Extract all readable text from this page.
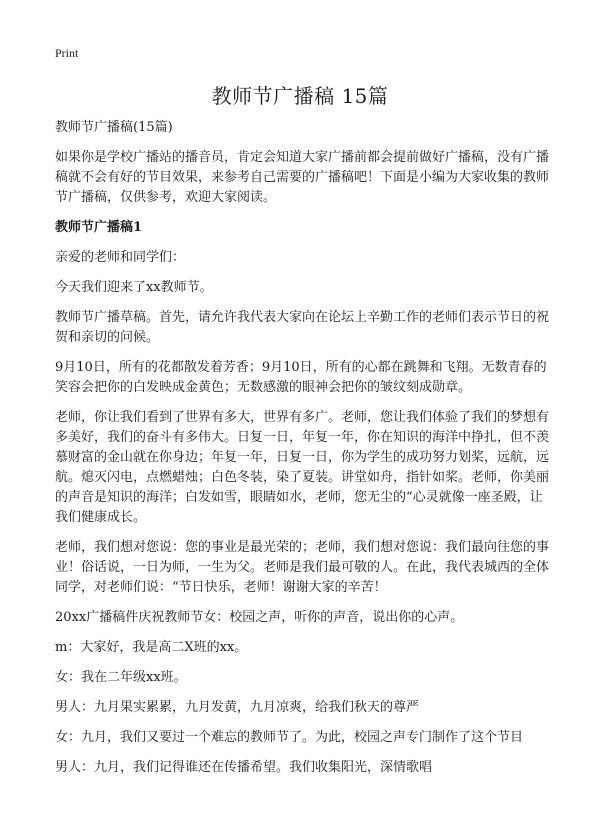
Print
教师节广播稿 15篇

教师节广播稿(15篇)

如果你是学校广播站的播音员，肯定会知道大家广播前都会提前做好广播稿，没有广播稿就不会有好的节目效果，来参考自己需要的广播稿吧！下面是小编为大家收集的教师节广播稿，仅供参考，欢迎大家阅读。

教师节广播稿1

亲爱的老师和同学们：

今天我们迎来了xx教师节。

教师节广播草稿。首先，请允许我代表大家向在论坛上辛勤工作的老师们表示节日的祝贺和亲切的问候。

9月10日，所有的花都散发着芳香；9月10日，所有的心都在跳舞和飞翔。无数青春的笑容会把你的白发映成金黄色；无数感激的眼神会把你的皱纹刻成勋章。

老师，你让我们看到了世界有多大，世界有多广。老师，您让我们体验了我们的梦想有多美好，我们的奋斗有多伟大。日复一日，年复一年，你在知识的海洋中挣扎，但不羡慕财富的金山就在你身边；年复一年，日复一日，你为学生的成功努力划桨，远航，远航。熄灭闪电，点燃蜡烛；白色冬装，染了夏装。讲堂如舟，指针如桨。老师，你美丽的声音是知识的海洋；白发如雪，眼睛如水，老师，您无尘的“心灵就像一座圣殿，让我们健康成长。

老师，我们想对您说：您的事业是最光荣的；老师，我们想对您说：我们最向往您的事业！俗话说，一日为师，一生为父。老师是我们最可敬的人。在此，我代表城西的全体同学，对老师们说：“节日快乐，老师！谢谢大家的辛苦！

20xx广播稿件庆祝教师节女：校园之声，听你的声音，说出你的心声。

m：大家好，我是高二X班的xx。

女：我在二年级xx班。

男人：九月果实累累，九月发黄，九月凉爽，给我们秋天的尊严

女：九月，我们又要过一个难忘的教师节了。为此，校园之声专门制作了这个节目

男人：九月，我们记得谁还在传播希望。我们收集阳光，深情歌唱
